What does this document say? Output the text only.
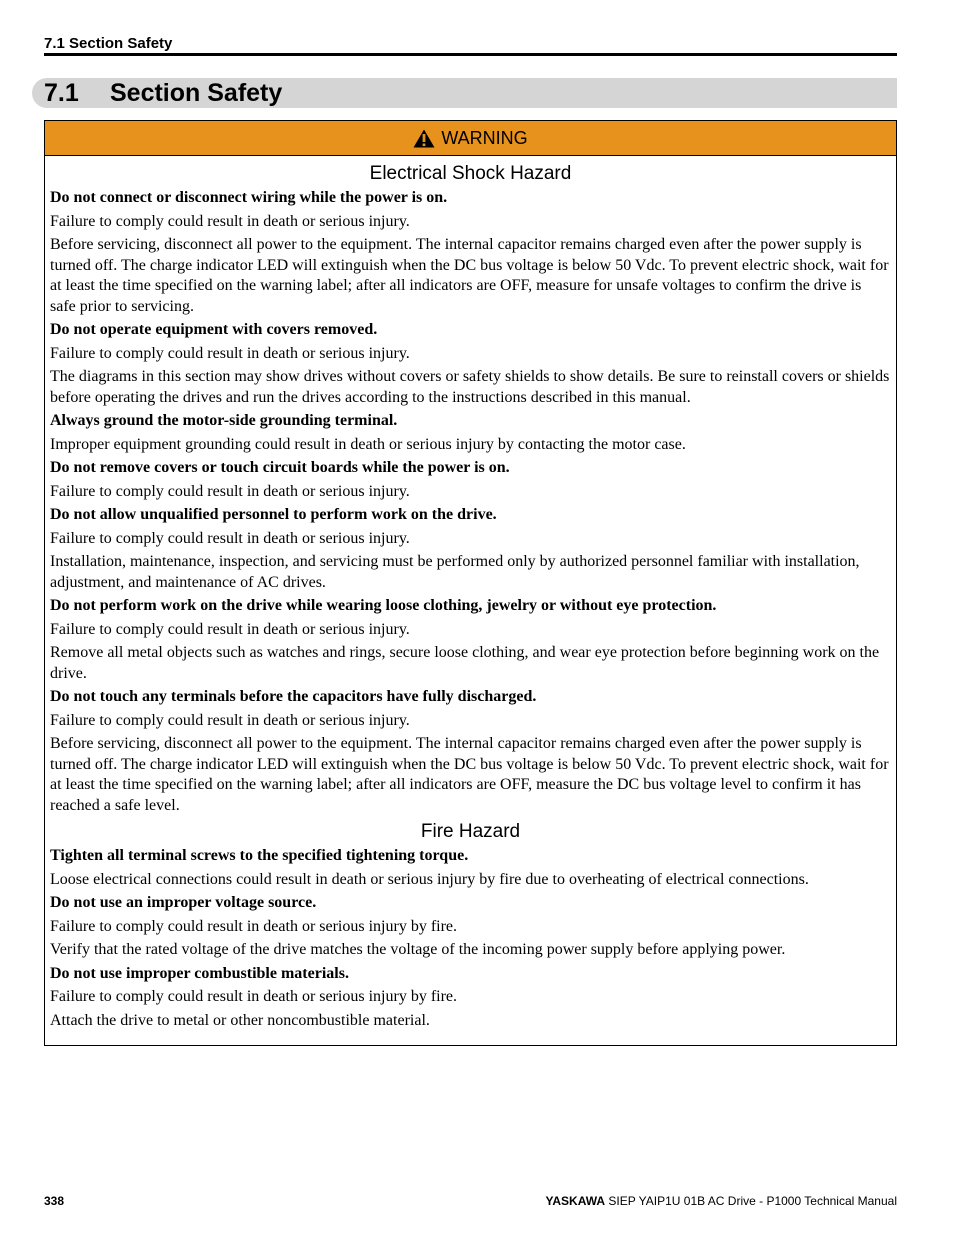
7.1 Section Safety
7.1 Section Safety
WARNING
Electrical Shock Hazard

Do not connect or disconnect wiring while the power is on.

Failure to comply could result in death or serious injury.

Before servicing, disconnect all power to the equipment. The internal capacitor remains charged even after the power supply is turned off. The charge indicator LED will extinguish when the DC bus voltage is below 50 Vdc. To prevent electric shock, wait for at least the time specified on the warning label; after all indicators are OFF, measure for unsafe voltages to confirm the drive is safe prior to servicing.

Do not operate equipment with covers removed.

Failure to comply could result in death or serious injury.

The diagrams in this section may show drives without covers or safety shields to show details. Be sure to reinstall covers or shields before operating the drives and run the drives according to the instructions described in this manual.

Always ground the motor-side grounding terminal.

Improper equipment grounding could result in death or serious injury by contacting the motor case.

Do not remove covers or touch circuit boards while the power is on.

Failure to comply could result in death or serious injury.

Do not allow unqualified personnel to perform work on the drive.

Failure to comply could result in death or serious injury.

Installation, maintenance, inspection, and servicing must be performed only by authorized personnel familiar with installation, adjustment, and maintenance of AC drives.

Do not perform work on the drive while wearing loose clothing, jewelry or without eye protection.

Failure to comply could result in death or serious injury.

Remove all metal objects such as watches and rings, secure loose clothing, and wear eye protection before beginning work on the drive.

Do not touch any terminals before the capacitors have fully discharged.

Failure to comply could result in death or serious injury.

Before servicing, disconnect all power to the equipment. The internal capacitor remains charged even after the power supply is turned off. The charge indicator LED will extinguish when the DC bus voltage is below 50 Vdc. To prevent electric shock, wait for at least the time specified on the warning label; after all indicators are OFF, measure the DC bus voltage level to confirm it has reached a safe level.

Fire Hazard

Tighten all terminal screws to the specified tightening torque.

Loose electrical connections could result in death or serious injury by fire due to overheating of electrical connections.

Do not use an improper voltage source.

Failure to comply could result in death or serious injury by fire.

Verify that the rated voltage of the drive matches the voltage of the incoming power supply before applying power.

Do not use improper combustible materials.

Failure to comply could result in death or serious injury by fire.

Attach the drive to metal or other noncombustible material.

338	YASKAWA SIEP YAIP1U 01B AC Drive - P1000 Technical Manual
